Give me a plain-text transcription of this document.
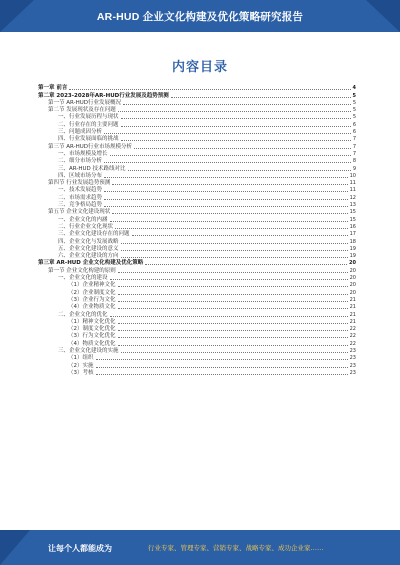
AR-HUD 企业文化构建及优化策略研究报告
内容目录
第一章 前言	4
第二章 2023-2028年AR-HUD行业发展及趋势预测	5
第一节 AR-HUD行业发展概况	5
第二节 发展现状及存在问题	5
一、行业发展历程与现状	5
二、行业存在的主要问题	6
三、问题成因分析	6
四、行业发展面临的挑战	7
第三节 AR-HUD行业市场规模分析	7
一、市场规模及增长	7
二、细分市场分析	8
三、AR-HUD 技术路线对比	9
四、区域市场分布	10
第四节 行业发展趋势预测	11
一、技术发展趋势	11
二、市场需求趋势	12
三、竞争格局趋势	13
第五节 企业文化建设现状	15
一、企业文化的内涵	15
二、行业企业文化现状	16
三、企业文化建设存在的问题	17
四、企业文化与发展战略	18
五、企业文化建设的意义	19
六、企业文化建设的方向	19
第三章 AR-HUD 企业文化构建及优化策略	20
第一节 企业文化构建的原则	20
一、企业文化的建设	20
（1）企业精神文化	20
（2）企业制度文化	20
（3）企业行为文化	21
（4）企业物质文化	21
二、企业文化的优化	21
（1）精神文化优化	21
（2）制度文化优化	22
（3）行为文化优化	22
（4）物质文化优化	22
三、企业文化建设的实施	23
（1）组织	23
（2）实施	23
（3）考核	23
让每个人都能成为	行业专家、管理专家、营销专家、战略专家、成功企业家……
